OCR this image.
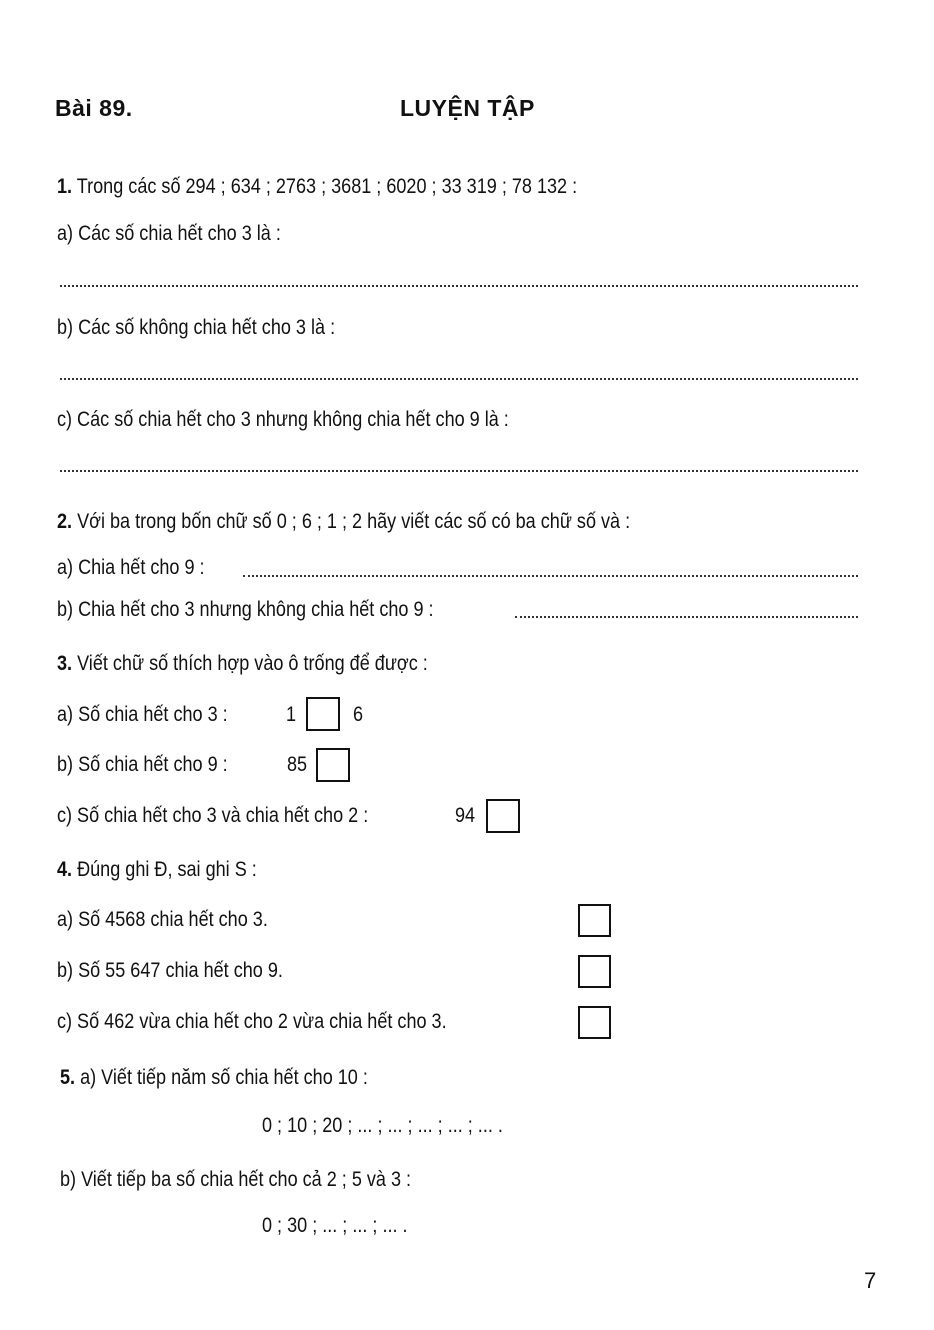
Bài 89.	LUYỆN TẬP
1. Trong các số 294 ; 634 ; 2763 ; 3681 ; 6020 ; 33 319 ; 78 132 :
a) Các số chia hết cho 3 là :
b) Các số không chia hết cho 3 là :
c) Các số chia hết cho 3 nhưng không chia hết cho 9 là :
2. Với ba trong bốn chữ số 0 ; 6 ; 1 ; 2 hãy viết các số có ba chữ số và :
a) Chia hết cho 9 :
b) Chia hết cho 3 nhưng không chia hết cho 9 :
3. Viết chữ số thích hợp vào ô trống để được :
a) Số chia hết cho 3 :	1	6
b) Số chia hết cho 9 :	85
c) Số chia hết cho 3 và chia hết cho 2 :	94
4. Đúng ghi Đ, sai ghi S :
a) Số 4568 chia hết cho 3.
b) Số 55 647 chia hết cho 9.
c) Số 462 vừa chia hết cho 2 vừa chia hết cho 3.
5. a) Viết tiếp năm số chia hết cho 10 :
0 ; 10 ; 20 ; ... ; ... ; ... ; ... ; ... .
b) Viết tiếp ba số chia hết cho cả 2 ; 5 và 3 :
0 ; 30 ; ... ; ... ; ... .
7
